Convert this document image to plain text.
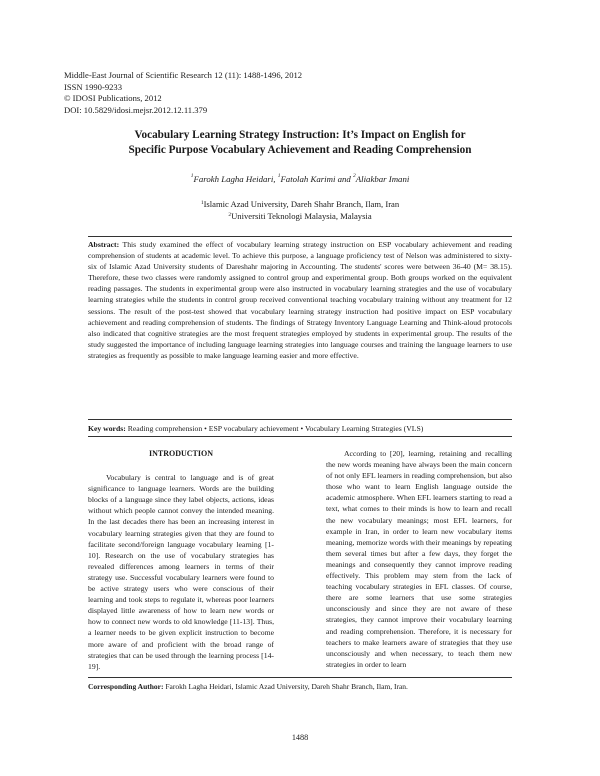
Middle-East Journal of Scientific Research 12 (11): 1488-1496, 2012
ISSN 1990-9233
© IDOSI Publications, 2012
DOI: 10.5829/idosi.mejsr.2012.12.11.379
Vocabulary Learning Strategy Instruction: It’s Impact on English for
Specific Purpose Vocabulary Achievement and Reading Comprehension
$^1$Farokh Lagha Heidari, $^1$Fatolah Karimi and $^2$Aliakbar Imani
$^1$Islamic Azad University, Dareh Shahr Branch, Ilam, Iran
$^2$Universiti Teknologi Malaysia, Malaysia
Abstract: This study examined the effect of vocabulary learning strategy instruction on ESP vocabulary achievement and reading comprehension of students at academic level. To achieve this purpose, a language proficiency test of Nelson was administered to sixty-six of Islamic Azad University students of Dareshahr majoring in Accounting. The students' scores were between 36-40 (M= 38.15). Therefore, these two classes were randomly assigned to control group and experimental group. Both groups worked on the equivalent reading passages. The students in experimental group were also instructed in vocabulary learning strategies and the use of vocabulary learning strategies while the students in control group received conventional teaching vocabulary training without any treatment for 12 sessions. The result of the post-test showed that vocabulary learning strategy instruction had positive impact on ESP vocabulary achievement and reading comprehension of students. The findings of Strategy Inventory Language Learning and Think-aloud protocols also indicated that cognitive strategies are the most frequent strategies employed by students in experimental group. The results of the study suggested the importance of including language learning strategies into language courses and training the language learners to use strategies as frequently as possible to make language learning easier and more effective.
Key words: Reading comprehension • ESP vocabulary achievement • Vocabulary Learning Strategies (VLS)
INTRODUCTION

Vocabulary is central to language and is of great significance to language learners. Words are the building blocks of a language since they label objects, actions, ideas without which people cannot convey the intended meaning. In the last decades there has been an increasing interest in vocabulary learning strategies given that they are found to facilitate second/foreign language vocabulary learning [1-10]. Research on the use of vocabulary strategies has revealed differences among learners in terms of their strategy use. Successful vocabulary learners were found to be active strategy users who were conscious of their learning and took steps to regulate it, whereas poor learners displayed little awareness of how to learn new words or how to connect new words to old knowledge [11-13]. Thus, a learner needs to be given explicit instruction to become more aware of and proficient with the broad range of strategies that can be used through the learning process [14-19].

According to [20], learning, retaining and recalling the new words meaning have always been the main concern of not only EFL learners in reading comprehension, but also those who want to learn English language outside the academic atmosphere. When EFL learners starting to read a text, what comes to their minds is how to learn and recall the new vocabulary meanings; most EFL learners, for example in Iran, in order to learn new vocabulary items meaning, memorize words with their meanings by repeating them several times but after a few days, they forget the meanings and consequently they cannot improve reading effectively. This problem may stem from the lack of teaching vocabulary strategies in EFL classes. Of course, there are some learners that use some strategies unconsciously and since they are not aware of these strategies, they cannot improve their vocabulary learning and reading comprehension. Therefore, it is necessary for teachers to make learners aware of strategies that they use unconsciously and when necessary, to teach them new strategies in order to learn

Corresponding Author: Farokh Lagha Heidari, Islamic Azad University, Dareh Shahr Branch, Ilam, Iran.
1488
